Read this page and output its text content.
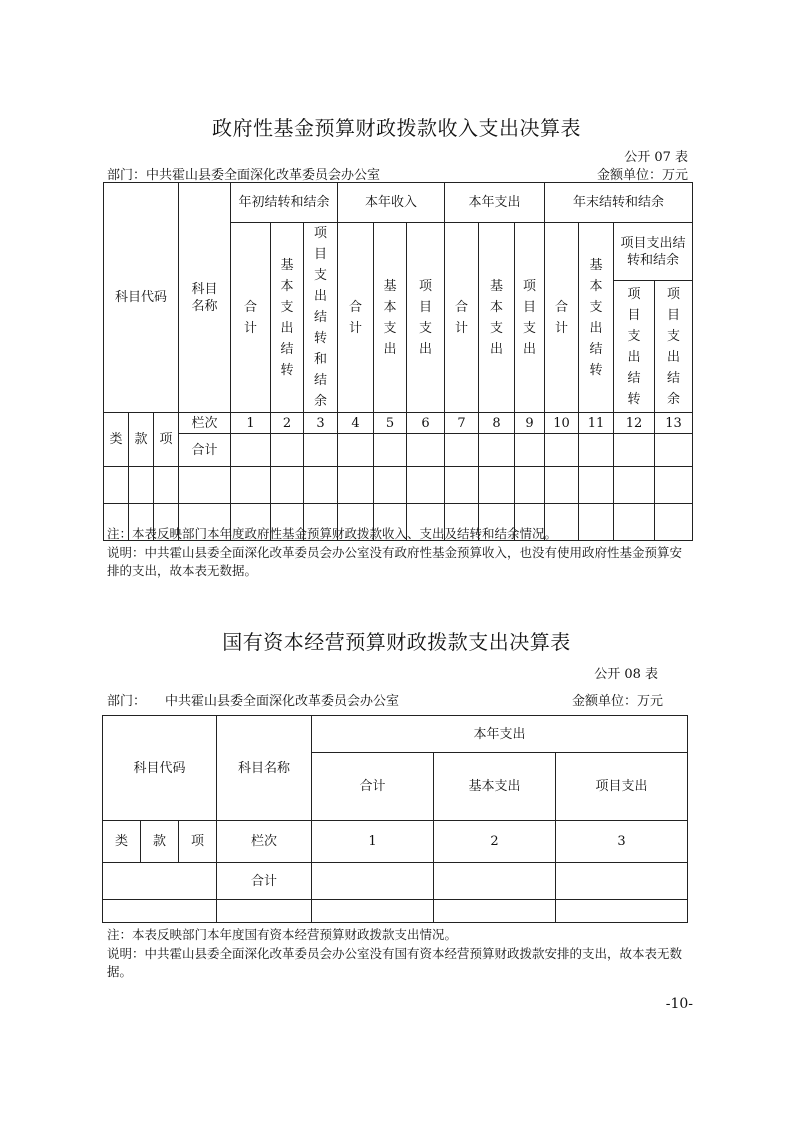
政府性基金预算财政拨款收入支出决算表
公开 07 表
部门：中共霍山县委全面深化改革委员会办公室	金额单位：万元
科目代码			科目名称	年初结转和结余			本年收入			本年支出			年末结转和结余			

				合计	基本支出结转	项目支出结转和结余	合计	基本支出	项目支出	合计	基本支出	项目支出	合计	基本支出结转	项目支出结转和结余	

															项目支出结转	项目支出结余

类	款	项	栏次	1	2	3	4	5	6	7	8	9	10	11	12	13
			合计													

注：本表反映部门本年度政府性基金预算财政拨款收入、支出及结转和结余情况。
说明：中共霍山县委全面深化改革委员会办公室没有政府性基金预算收入，也没有使用政府性基金预算安排的支出，故本表无数据。
国有资本经营预算财政拨款支出决算表
公开 08 表
部门： 中共霍山县委全面深化改革委员会办公室	金额单位：万元
科目代码			科目名称	本年支出		
				合计	基本支出	项目支出
类	款	项	栏次	1	2	3
			合计			

注：本表反映部门本年度国有资本经营预算财政拨款支出情况。
说明：中共霍山县委全面深化改革委员会办公室没有国有资本经营预算财政拨款安排的支出，故本表无数据。
-10-
